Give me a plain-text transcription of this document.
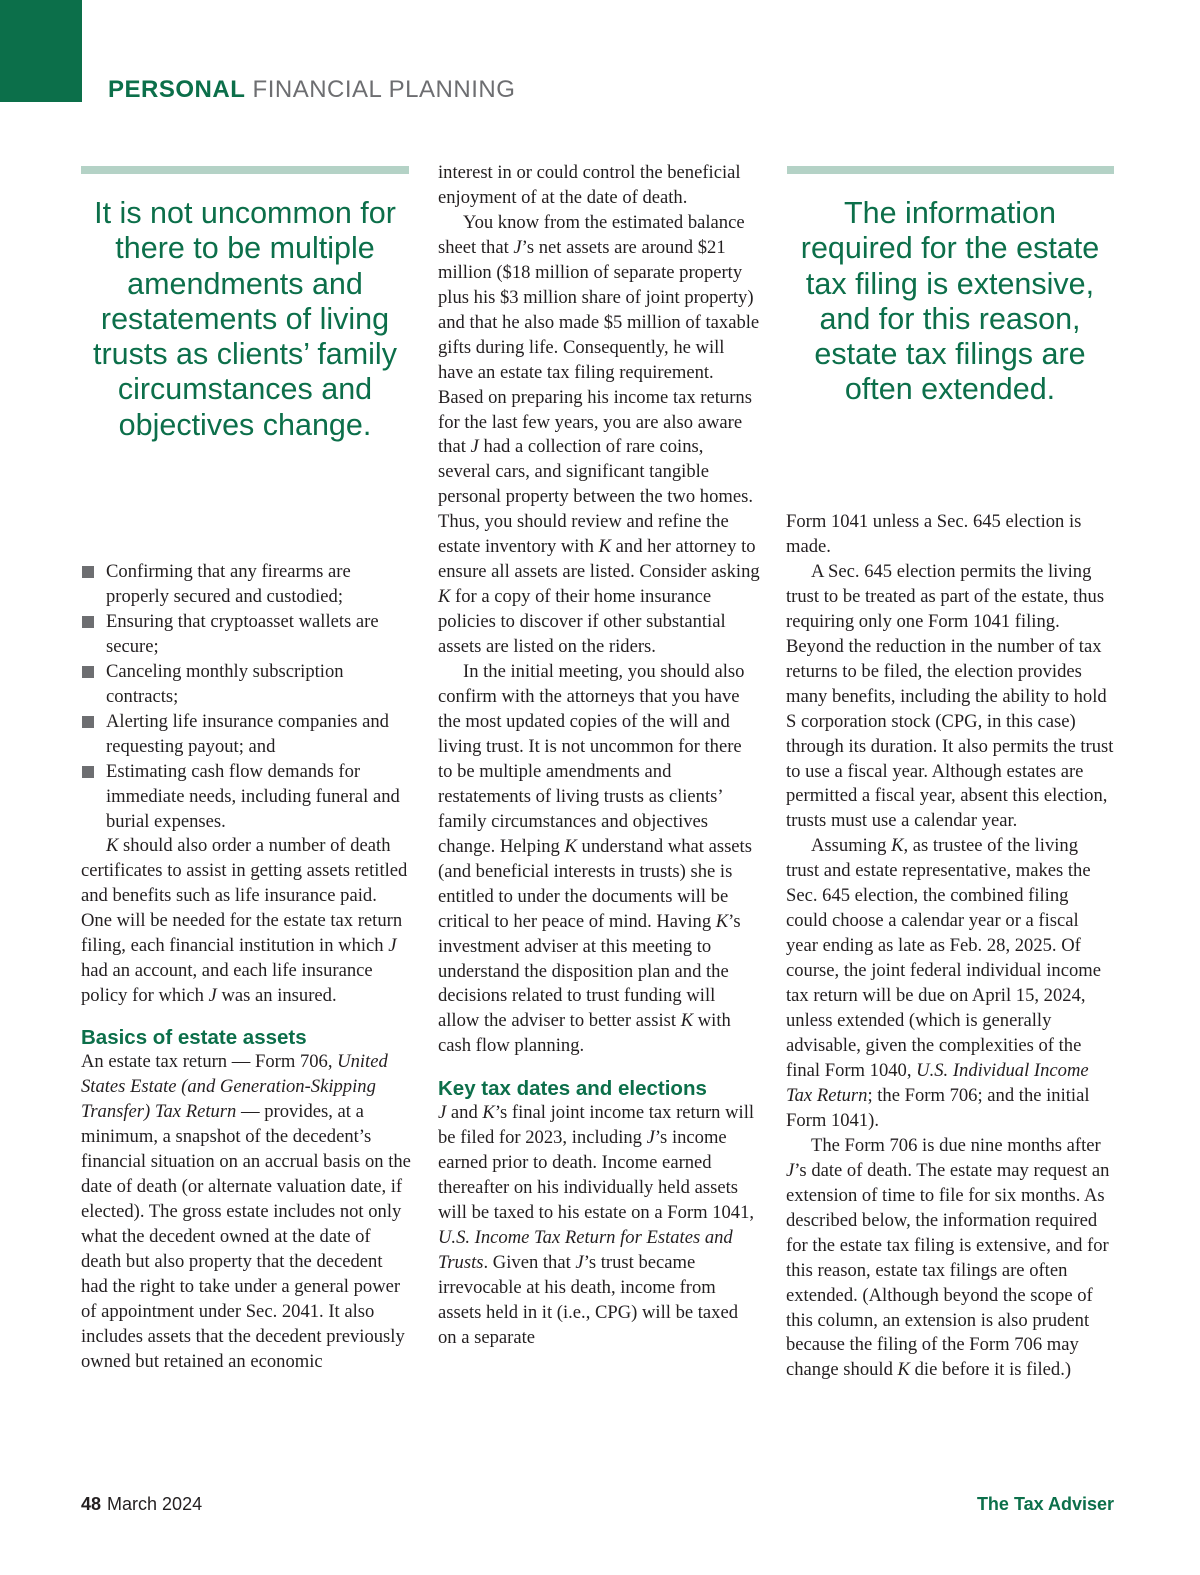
PERSONAL FINANCIAL PLANNING
It is not uncommon for there to be multiple amendments and restatements of living trusts as clients’ family circumstances and objectives change.
The information required for the estate tax filing is extensive, and for this reason, estate tax filings are often extended.
Confirming that any firearms are properly secured and custodied;
Ensuring that cryptoasset wallets are secure;
Canceling monthly subscription contracts;
Alerting life insurance companies and requesting payout; and
Estimating cash flow demands for immediate needs, including funeral and burial expenses.

K should also order a number of death certificates to assist in getting assets retitled and benefits such as life insurance paid. One will be needed for the estate tax return filing, each financial institution in which J had an account, and each life insurance policy for which J was an insured.

Basics of estate assets

An estate tax return — Form 706, United States Estate (and Generation-Skipping Transfer) Tax Return — provides, at a minimum, a snapshot of the decedent’s financial situation on an accrual basis on the date of death (or alternate valuation date, if elected). The gross estate includes not only what the decedent owned at the date of death but also property that the decedent had the right to take under a general power of appointment under Sec. 2041. It also includes assets that the decedent previously owned but retained an economic

interest in or could control the beneficial enjoyment of at the date of death.

You know from the estimated balance sheet that J’s net assets are around $21 million ($18 million of separate property plus his $3 million share of joint property) and that he also made $5 million of taxable gifts during life. Consequently, he will have an estate tax filing requirement. Based on preparing his income tax returns for the last few years, you are also aware that J had a collection of rare coins, several cars, and significant tangible personal property between the two homes. Thus, you should review and refine the estate inventory with K and her attorney to ensure all assets are listed. Consider asking K for a copy of their home insurance policies to discover if other substantial assets are listed on the riders.

In the initial meeting, you should also confirm with the attorneys that you have the most updated copies of the will and living trust. It is not uncommon for there to be multiple amendments and restatements of living trusts as clients’ family circumstances and objectives change. Helping K understand what assets (and beneficial interests in trusts) she is entitled to under the documents will be critical to her peace of mind. Having K’s investment adviser at this meeting to understand the disposition plan and the decisions related to trust funding will allow the adviser to better assist K with cash flow planning.

Key tax dates and elections

J and K’s final joint income tax return will be filed for 2023, including J’s income earned prior to death. Income earned thereafter on his individually held assets will be taxed to his estate on a Form 1041, U.S. Income Tax Return for Estates and Trusts. Given that J’s trust became irrevocable at his death, income from assets held in it (i.e., CPG) will be taxed on a separate

Form 1041 unless a Sec. 645 election is made.

A Sec. 645 election permits the living trust to be treated as part of the estate, thus requiring only one Form 1041 filing. Beyond the reduction in the number of tax returns to be filed, the election provides many benefits, including the ability to hold S corporation stock (CPG, in this case) through its duration. It also permits the trust to use a fiscal year. Although estates are permitted a fiscal year, absent this election, trusts must use a calendar year.

Assuming K, as trustee of the living trust and estate representative, makes the Sec. 645 election, the combined filing could choose a calendar year or a fiscal year ending as late as Feb. 28, 2025. Of course, the joint federal individual income tax return will be due on April 15, 2024, unless extended (which is generally advisable, given the complexities of the final Form 1040, U.S. Individual Income Tax Return; the Form 706; and the initial Form 1041).

The Form 706 is due nine months after J’s date of death. The estate may request an extension of time to file for six months. As described below, the information required for the estate tax filing is extensive, and for this reason, estate tax filings are often extended. (Although beyond the scope of this column, an extension is also prudent because the filing of the Form 706 may change should K die before it is filed.)

48 March 2024	The Tax Adviser
